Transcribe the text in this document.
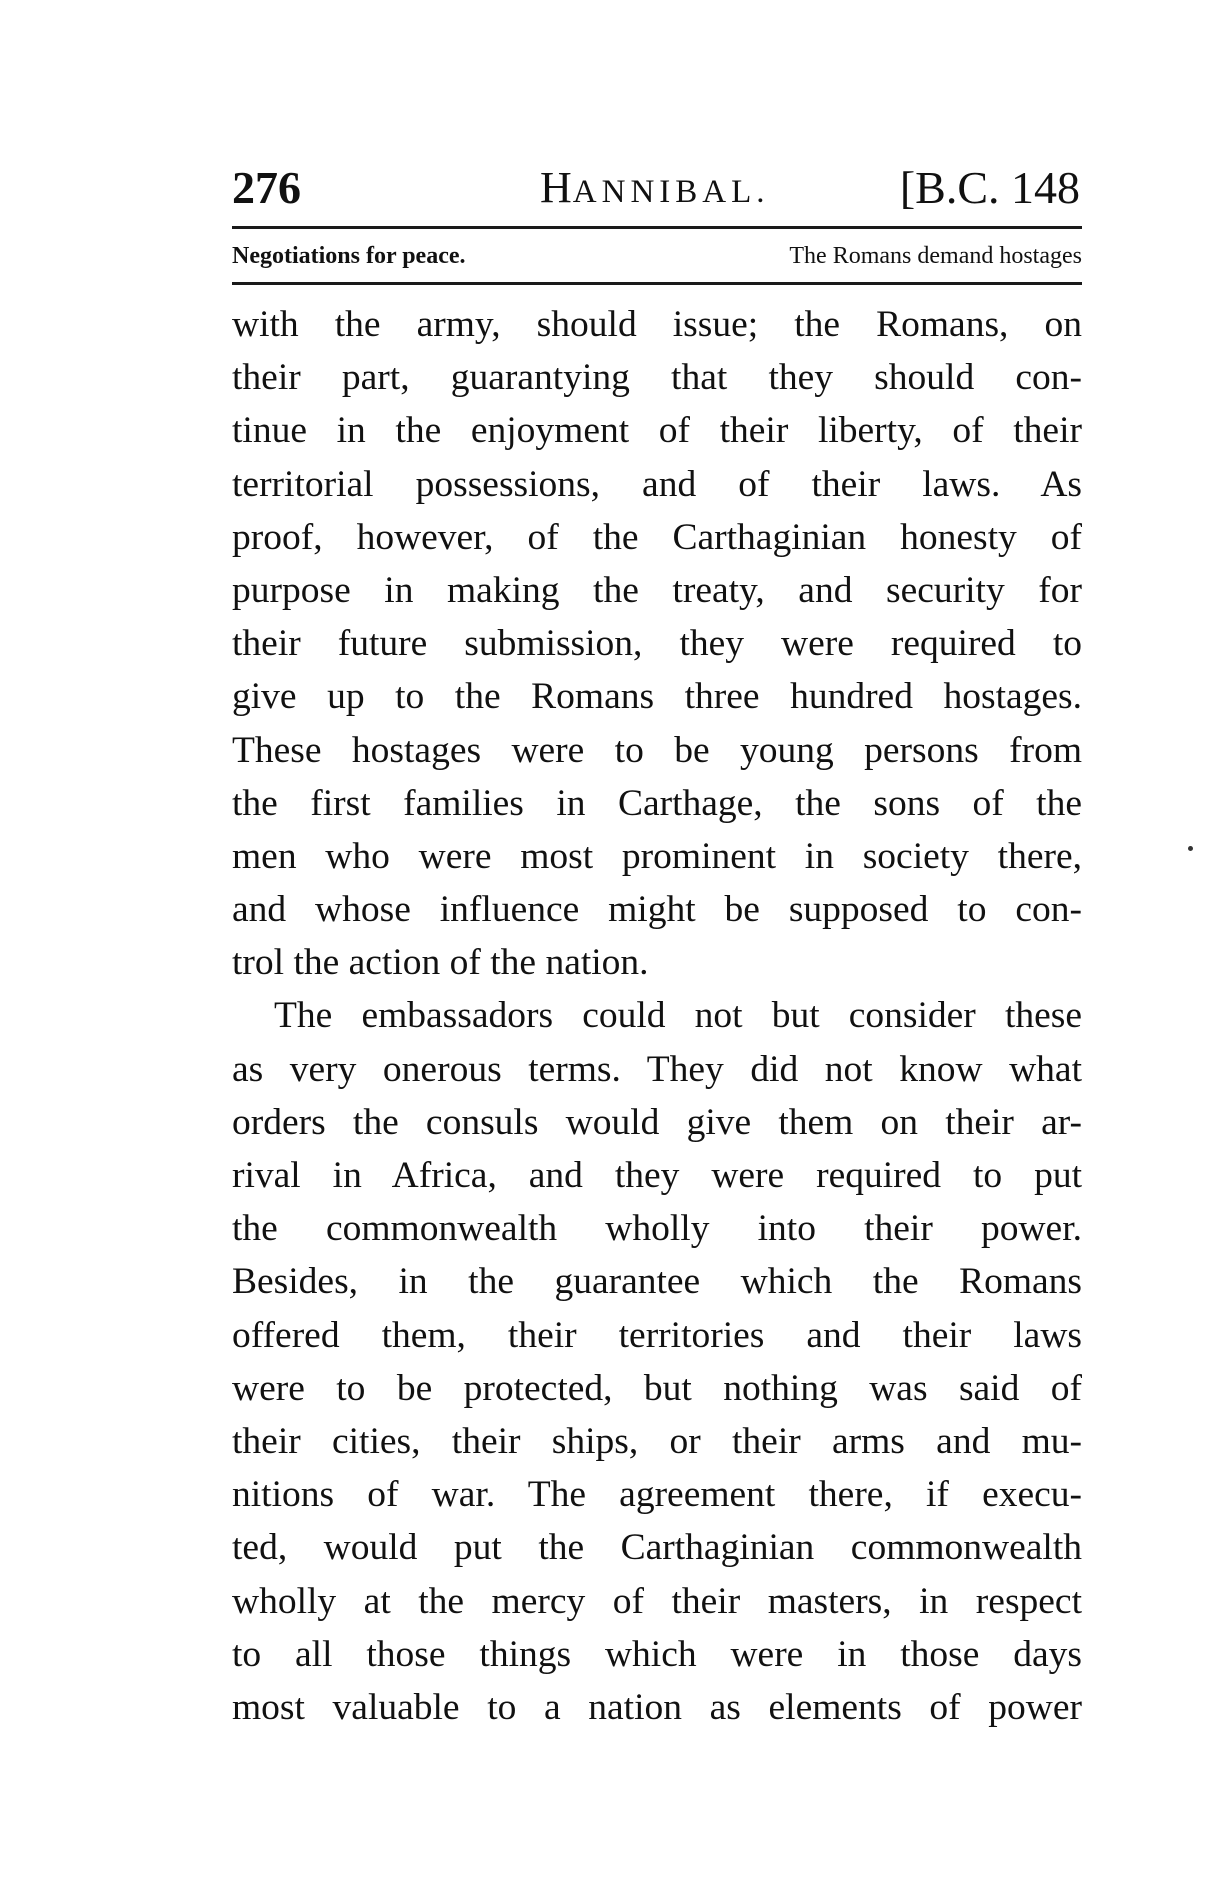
276	HANNIBAL.	[B.C. 148
Negotiations for peace.	The Romans demand hostages
with the army, should issue; the Romans, on
their part, guarantying that they should con-
tinue in the enjoyment of their liberty, of their
territorial possessions, and of their laws. As
proof, however, of the Carthaginian honesty of
purpose in making the treaty, and security for
their future submission, they were required to
give up to the Romans three hundred hostages.
These hostages were to be young persons from
the first families in Carthage, the sons of the
men who were most prominent in society there,
and whose influence might be supposed to con-
trol the action of the nation.
The embassadors could not but consider these
as very onerous terms. They did not know what
orders the consuls would give them on their ar-
rival in Africa, and they were required to put
the commonwealth wholly into their power.
Besides, in the guarantee which the Romans
offered them, their territories and their laws
were to be protected, but nothing was said of
their cities, their ships, or their arms and mu-
nitions of war. The agreement there, if execu-
ted, would put the Carthaginian commonwealth
wholly at the mercy of their masters, in respect
to all those things which were in those days
most valuable to a nation as elements of power
